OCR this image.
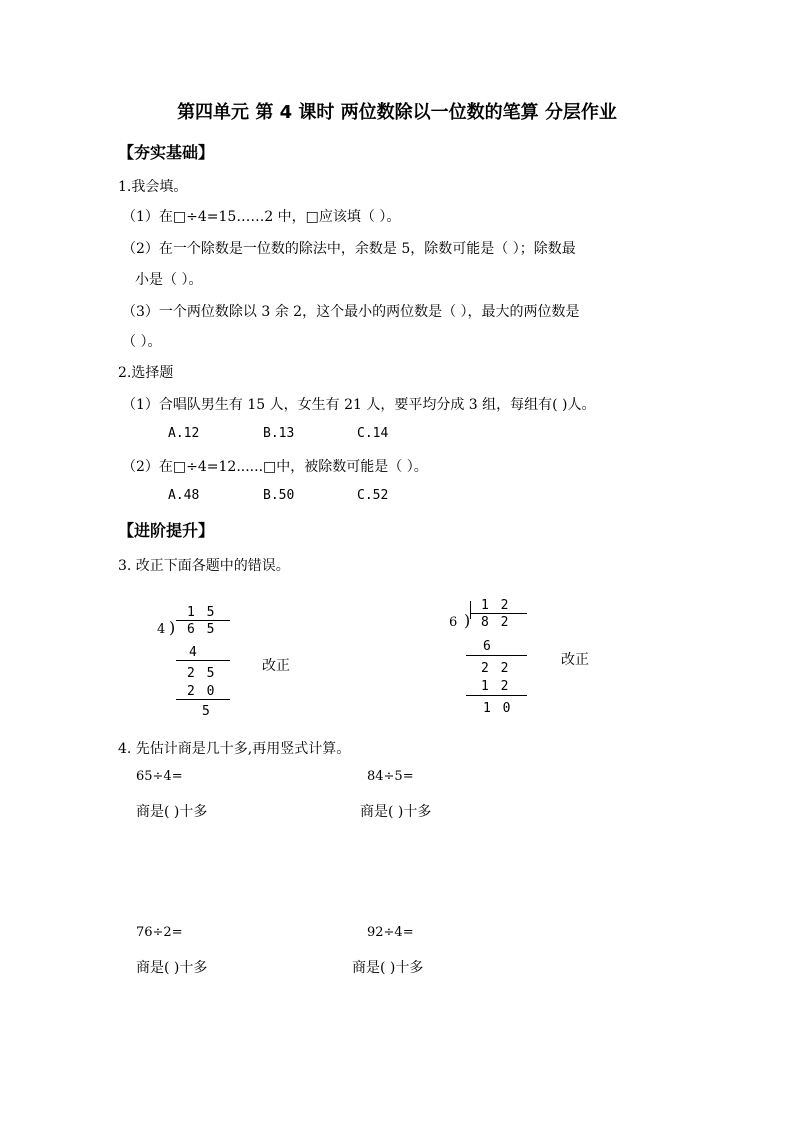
第四单元 第 4 课时 两位数除以一位数的笔算 分层作业
【夯实基础】
1.我会填。
（1）在□÷4=15……2 中，□应该填（ ）。
（2）在一个除数是一位数的除法中，余数是 5，除数可能是（ ）；除数最
小是（ ）。
（3）一个两位数除以 3 余 2，这个最小的两位数是（ ），最大的两位数是
（ ）。
2.选择题
（1）合唱队男生有 15 人，女生有 21 人，要平均分成 3 组，每组有( )人。
A.12	B.13	C.14
（2）在□÷4=12......□中，被除数可能是（ ）。
A.48	B.50	C.52
【进阶提升】
3. 改正下面各题中的错误。
1 5
4 ) 6 5
4
2 5
2 0
5
改正
1 2
6 ) 8 2
6
2 2
1 2
1 0
改正
4. 先估计商是几十多,再用竖式计算。
65÷4=
商是( )十多
84÷5=
商是( )十多
76÷2=
商是( )十多
92÷4=
商是( )十多
